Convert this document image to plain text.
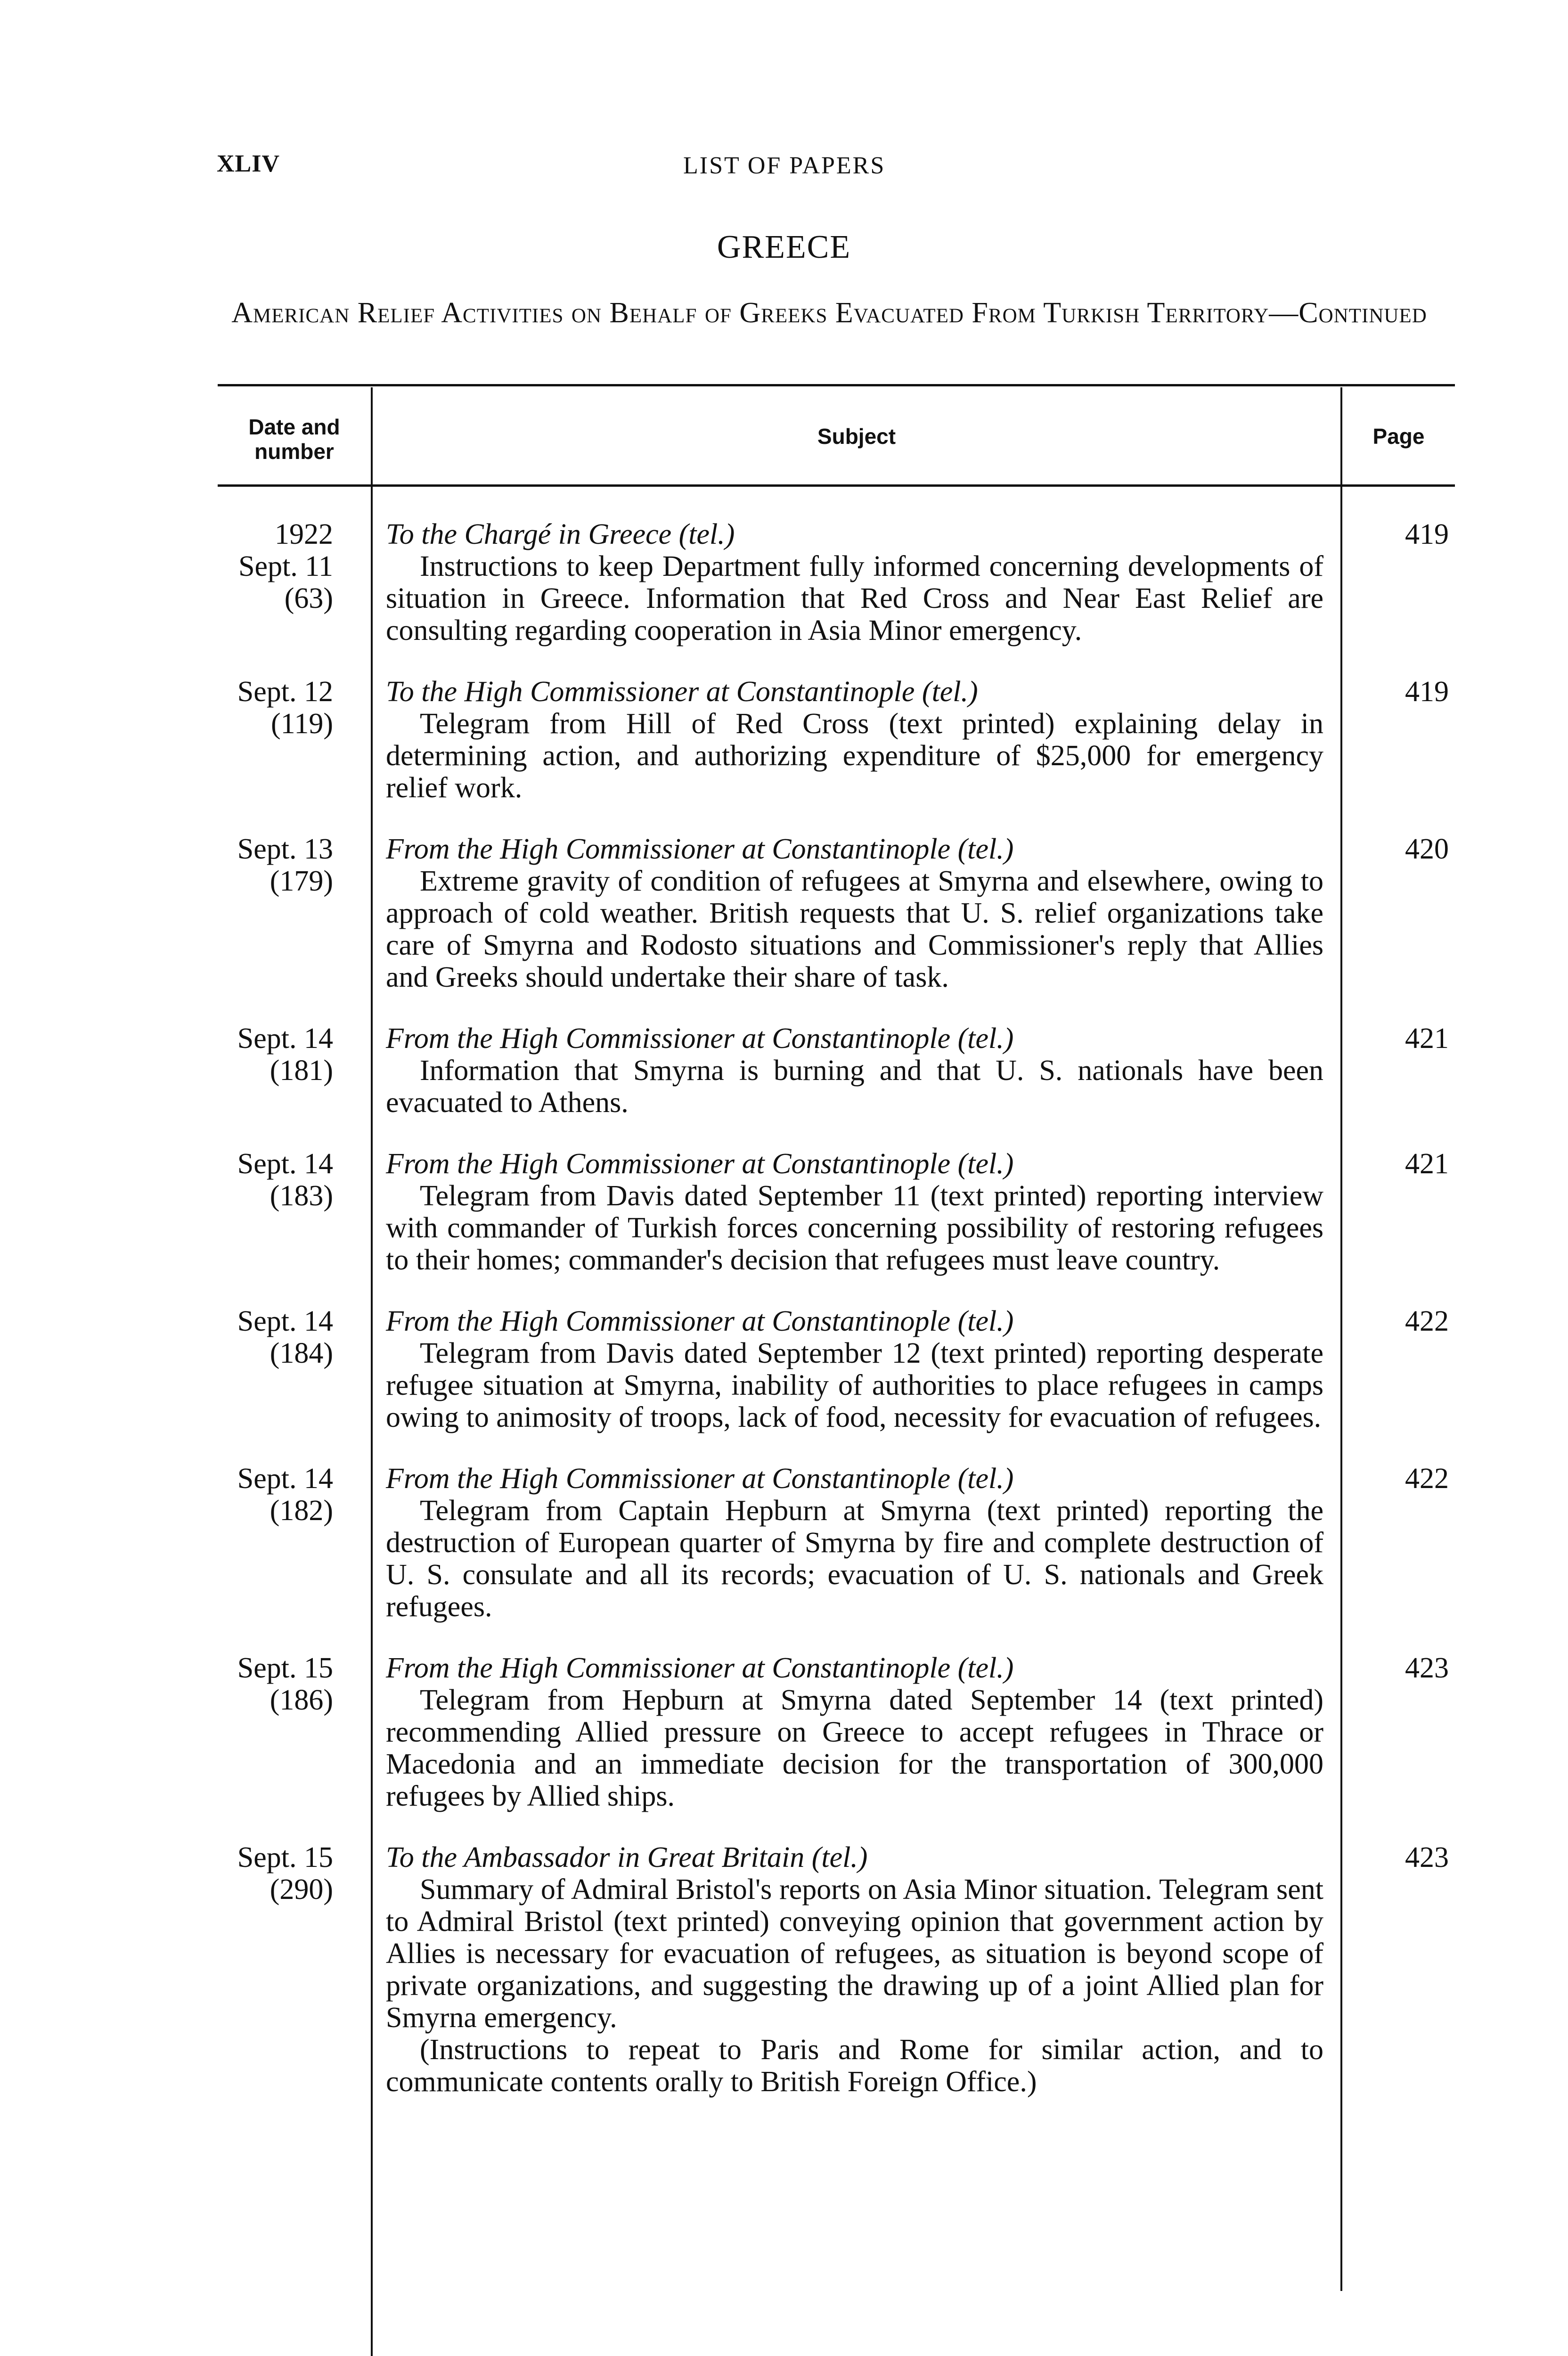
XLIV	LIST OF PAPERS
GREECE
American Relief Activities on Behalf of Greeks Evacuated From Turkish Territory—Continued
Date and number
Subject	Page
1922
Sept. 11
(63)
To the Chargé in Greece (tel.)
Instructions to keep Department fully informed concerning developments of situation in Greece. Information that Red Cross and Near East Relief are consulting regarding cooperation in Asia Minor emergency.
419
Sept. 12
(119)
To the High Commissioner at Constantinople (tel.)
Telegram from Hill of Red Cross (text printed) explaining delay in determining action, and authorizing expenditure of $25,000 for emergency relief work.
419
Sept. 13
(179)
From the High Commissioner at Constantinople (tel.)
Extreme gravity of condition of refugees at Smyrna and elsewhere, owing to approach of cold weather. British requests that U. S. relief organizations take care of Smyrna and Rodosto situations and Commissioner's reply that Allies and Greeks should undertake their share of task.
420
Sept. 14
(181)
From the High Commissioner at Constantinople (tel.)
Information that Smyrna is burning and that U. S. nationals have been evacuated to Athens.
421
Sept. 14
(183)
From the High Commissioner at Constantinople (tel.)
Telegram from Davis dated September 11 (text printed) reporting interview with commander of Turkish forces concerning possibility of restoring refugees to their homes; commander's decision that refugees must leave country.
421
Sept. 14
(184)
From the High Commissioner at Constantinople (tel.)
Telegram from Davis dated September 12 (text printed) reporting desperate refugee situation at Smyrna, inability of authorities to place refugees in camps owing to animosity of troops, lack of food, necessity for evacuation of refugees.
422
Sept. 14
(182)
From the High Commissioner at Constantinople (tel.)
Telegram from Captain Hepburn at Smyrna (text printed) reporting the destruction of European quarter of Smyrna by fire and complete destruction of U. S. consulate and all its records; evacuation of U. S. nationals and Greek refugees.
422
Sept. 15
(186)
From the High Commissioner at Constantinople (tel.)
Telegram from Hepburn at Smyrna dated September 14 (text printed) recommending Allied pressure on Greece to accept refugees in Thrace or Macedonia and an immediate decision for the transportation of 300,000 refugees by Allied ships.
423
Sept. 15
(290)
To the Ambassador in Great Britain (tel.)
Summary of Admiral Bristol's reports on Asia Minor situation. Telegram sent to Admiral Bristol (text printed) conveying opinion that government action by Allies is necessary for evacuation of refugees, as situation is beyond scope of private organizations, and suggesting the drawing up of a joint Allied plan for Smyrna emergency.
(Instructions to repeat to Paris and Rome for similar action, and to communicate contents orally to British Foreign Office.)
423
